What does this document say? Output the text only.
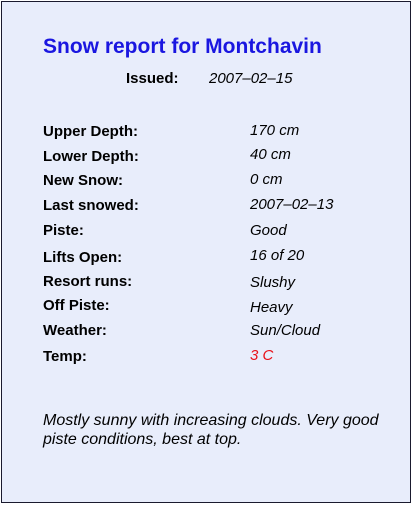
Snow report for Montchavin
Issued: 2007–02–15
Upper Depth:	170 cm
Lower Depth:	40 cm
New Snow:	0 cm
Last snowed:	2007–02–13
Piste:	Good
Lifts Open:	16 of 20
Resort runs:	Slushy
Off Piste:	Heavy
Weather:	Sun/Cloud
Temp:	3 C
Mostly sunny with increasing clouds. Very good piste conditions, best at top.
